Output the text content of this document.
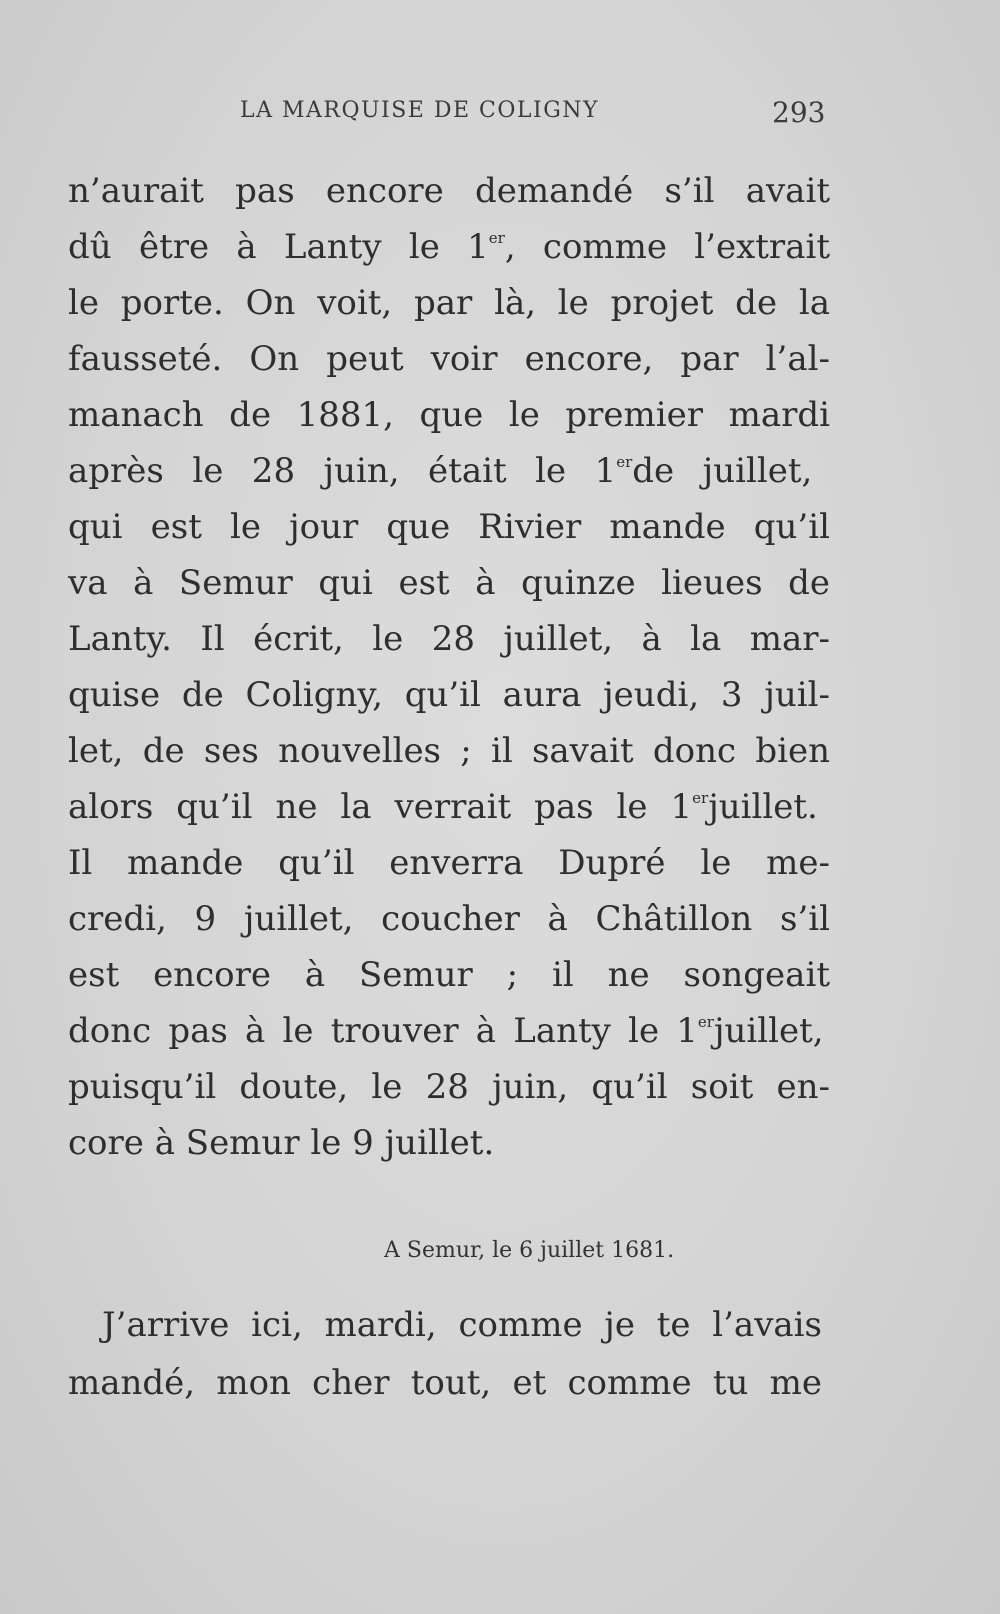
LA MARQUISE DE COLIGNY	293
n’aurait pas encore demandé s’il avait
dû être à Lanty le 1er, comme l’extrait
le porte. On voit, par là, le projet de la
fausseté. On peut voir encore, par l’al-
manach de 1881, que le premier mardi
après le 28 juin, était le 1erde juillet,
qui est le jour que Rivier mande qu’il
va à Semur qui est à quinze lieues de
Lanty. Il écrit, le 28 juillet, à la mar-
quise de Coligny, qu’il aura jeudi, 3 juil-
let, de ses nouvelles ; il savait donc bien
alors qu’il ne la verrait pas le 1erjuillet.
Il mande qu’il enverra Dupré le me-
credi, 9 juillet, coucher à Châtillon s’il
est encore à Semur ; il ne songeait
donc pas à le trouver à Lanty le 1erjuillet,
puisqu’il doute, le 28 juin, qu’il soit en-
core à Semur le 9 juillet.
A Semur, le 6 juillet 1681.
J’arrive ici, mardi, comme je te l’avais
mandé, mon cher tout, et comme tu me
